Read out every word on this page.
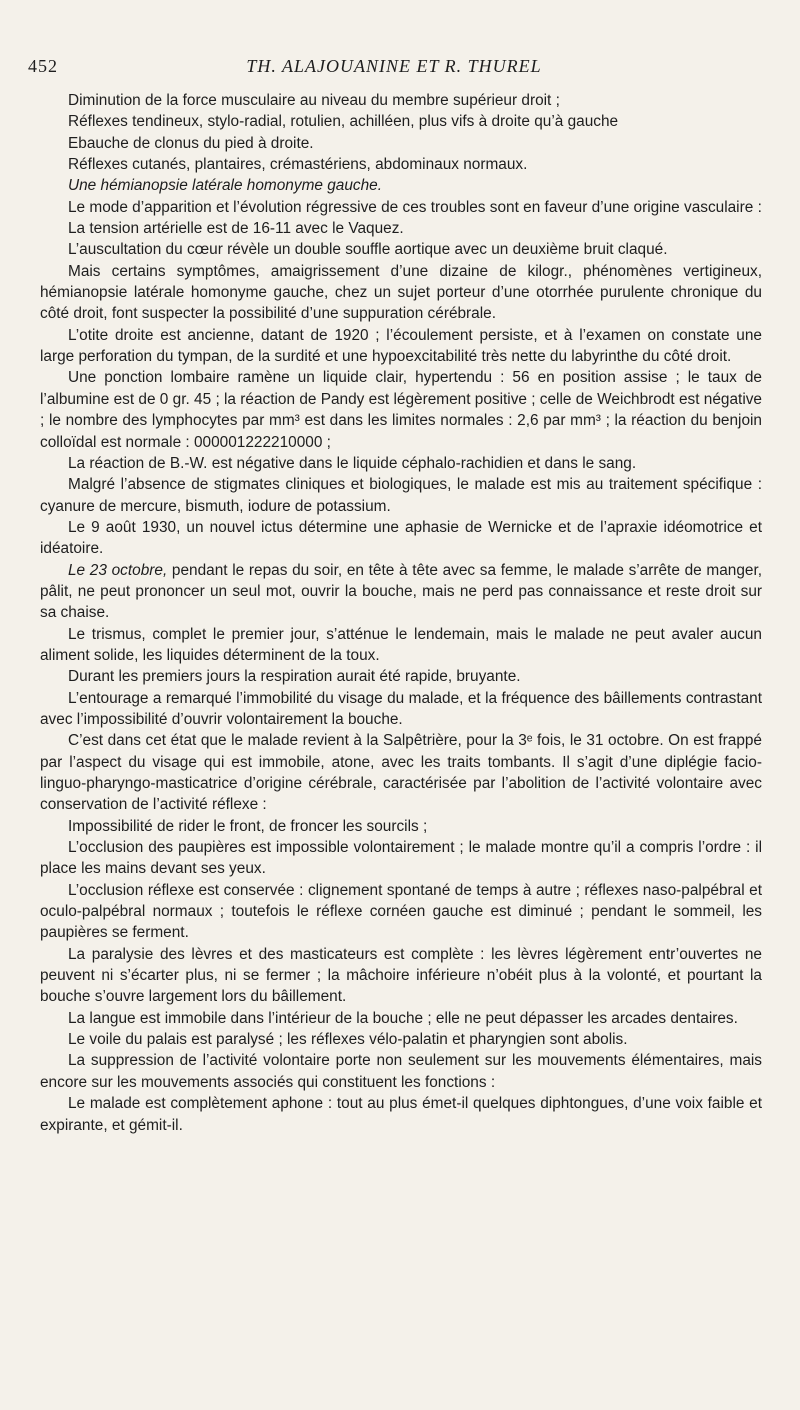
452	TH. ALAJOUANINE ET R. THUREL

Diminution de la force musculaire au niveau du membre supérieur droit ;

Réflexes tendineux, stylo-radial, rotulien, achilléen, plus vifs à droite qu’à gauche

Ebauche de clonus du pied à droite.

Réflexes cutanés, plantaires, crémastériens, abdominaux normaux.

Une hémianopsie latérale homonyme gauche.

Le mode d’apparition et l’évolution régressive de ces troubles sont en faveur d’une origine vasculaire :

La tension artérielle est de 16-11 avec le Vaquez.

L’auscultation du cœur révèle un double souffle aortique avec un deuxième bruit claqué.

Mais certains symptômes, amaigrissement d’une dizaine de kilogr., phénomènes vertigineux, hémianopsie latérale homonyme gauche, chez un sujet porteur d’une otorrhée purulente chronique du côté droit, font suspecter la possibilité d’une suppuration cérébrale.

L’otite droite est ancienne, datant de 1920 ; l’écoulement persiste, et à l’examen on constate une large perforation du tympan, de la surdité et une hypoexcitabilité très nette du labyrinthe du côté droit.

Une ponction lombaire ramène un liquide clair, hypertendu : 56 en position assise ; le taux de l’albumine est de 0 gr. 45 ; la réaction de Pandy est légèrement positive ; celle de Weichbrodt est négative ; le nombre des lymphocytes par mm³ est dans les limites normales : 2,6 par mm³ ; la réaction du benjoin colloïdal est normale : 000001222210000 ;

La réaction de B.-W. est négative dans le liquide céphalo-rachidien et dans le sang.

Malgré l’absence de stigmates cliniques et biologiques, le malade est mis au traitement spécifique : cyanure de mercure, bismuth, iodure de potassium.

Le 9 août 1930, un nouvel ictus détermine une aphasie de Wernicke et de l’apraxie idéomotrice et idéatoire.

Le 23 octobre, pendant le repas du soir, en tête à tête avec sa femme, le malade s’arrête de manger, pâlit, ne peut prononcer un seul mot, ouvrir la bouche, mais ne perd pas connaissance et reste droit sur sa chaise.

Le trismus, complet le premier jour, s’atténue le lendemain, mais le malade ne peut avaler aucun aliment solide, les liquides déterminent de la toux.

Durant les premiers jours la respiration aurait été rapide, bruyante.

L’entourage a remarqué l’immobilité du visage du malade, et la fréquence des bâillements contrastant avec l’impossibilité d’ouvrir volontairement la bouche.

C’est dans cet état que le malade revient à la Salpêtrière, pour la 3ᵉ fois, le 31 octobre. On est frappé par l’aspect du visage qui est immobile, atone, avec les traits tombants. Il s’agit d’une diplégie facio-linguo-pharyngo-masticatrice d’origine cérébrale, caractérisée par l’abolition de l’activité volontaire avec conservation de l’activité réflexe :

Impossibilité de rider le front, de froncer les sourcils ;

L’occlusion des paupières est impossible volontairement ; le malade montre qu’il a compris l’ordre : il place les mains devant ses yeux.

L’occlusion réflexe est conservée : clignement spontané de temps à autre ; réflexes naso-palpébral et oculo-palpébral normaux ; toutefois le réflexe cornéen gauche est diminué ; pendant le sommeil, les paupières se ferment.

La paralysie des lèvres et des masticateurs est complète : les lèvres légèrement entr’ouvertes ne peuvent ni s’écarter plus, ni se fermer ; la mâchoire inférieure n’obéit plus à la volonté, et pourtant la bouche s’ouvre largement lors du bâillement.

La langue est immobile dans l’intérieur de la bouche ; elle ne peut dépasser les arcades dentaires.

Le voile du palais est paralysé ; les réflexes vélo-palatin et pharyngien sont abolis.

La suppression de l’activité volontaire porte non seulement sur les mouvements élémentaires, mais encore sur les mouvements associés qui constituent les fonctions :

Le malade est complètement aphone : tout au plus émet-il quelques diphtongues, d’une voix faible et expirante, et gémit-il.
